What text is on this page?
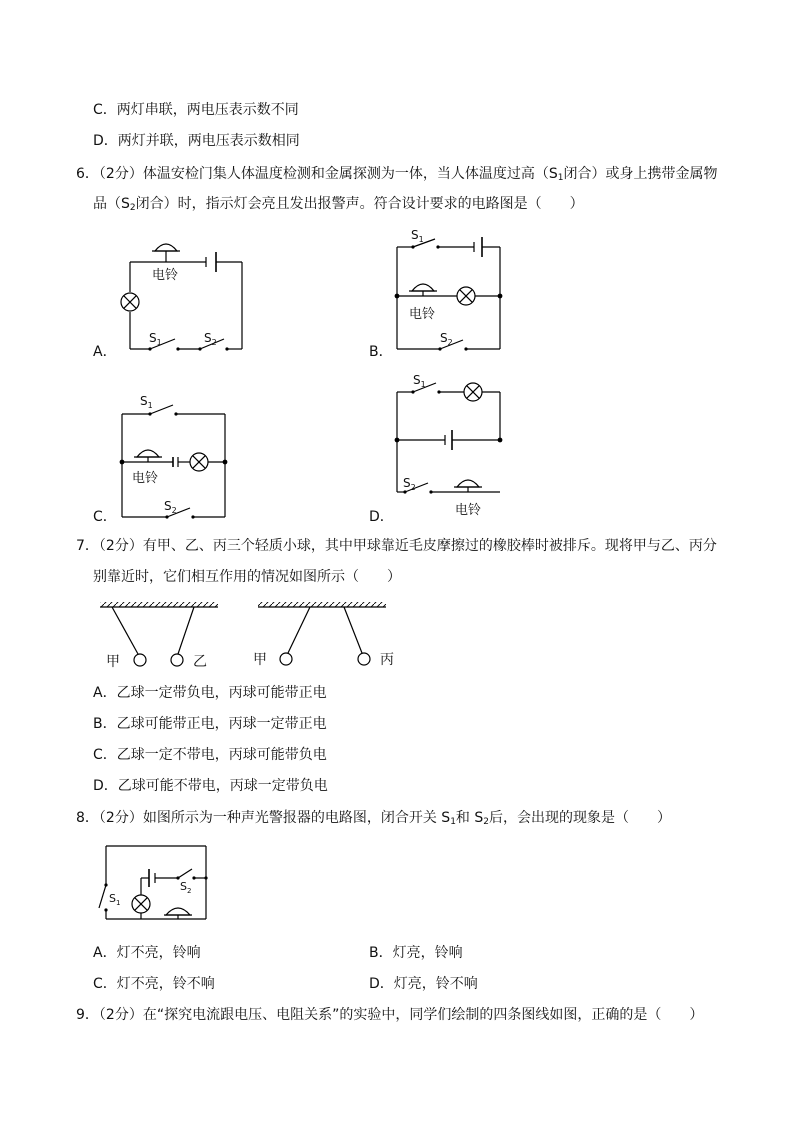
C．两灯串联，两电压表示数不同
D．两灯并联，两电压表示数相同
6．（2分）体温安检门集人体温度检测和金属探测为一体，当人体温度过高（$S_1$闭合）或身上携带金属物
品（$S_2$闭合）时，指示灯会亮且发出报警声。符合设计要求的电路图是（　　）
A．	B．
C．	D．
电铃
$S_1$	$S_2$
电铃
$S_1$
$S_2$
电铃
$S_1$
$S_2$	电铃
$S_1$
$S_2$
7．（2分）有甲、乙、丙三个轻质小球，其中甲球靠近毛皮摩擦过的橡胶棒时被排斥。现将甲与乙、丙分
别靠近时，它们相互作用的情况如图所示（　　）
甲	乙	甲	丙
A．乙球一定带负电，丙球可能带正电
B．乙球可能带正电，丙球一定带正电
C．乙球一定不带电，丙球可能带负电
D．乙球可能不带电，丙球一定带负电
8．（2分）如图所示为一种声光警报器的电路图，闭合开关 $S_1$和 $S_2$后，会出现的现象是（　　）
$S_1$
$S_2$
A．灯不亮，铃响	B．灯亮，铃响
C．灯不亮，铃不响	D．灯亮，铃不响
9．（2分）在“探究电流跟电压、电阻关系”的实验中，同学们绘制的四条图线如图，正确的是（　　）
